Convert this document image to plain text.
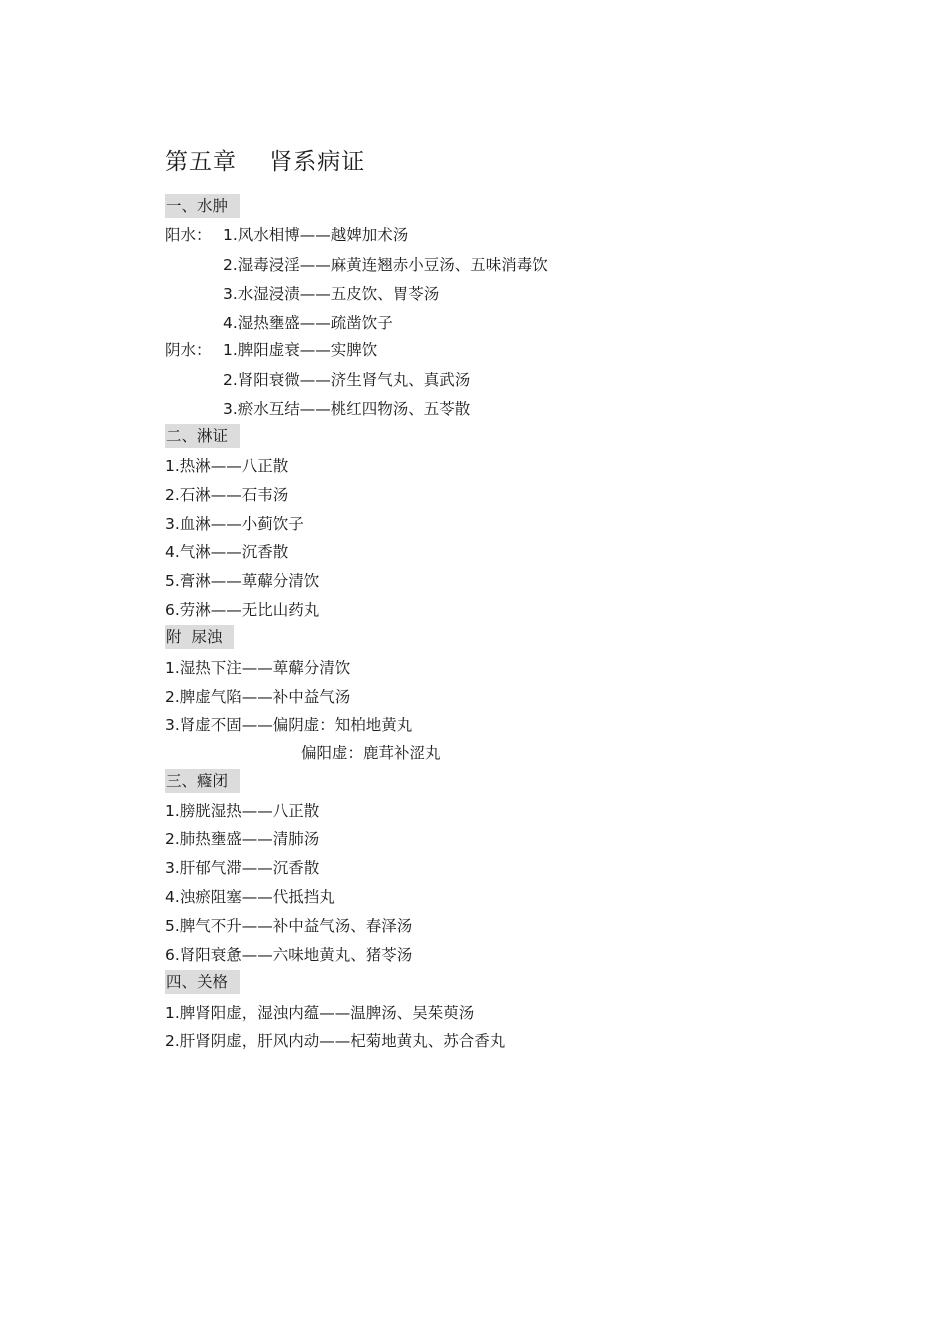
第五章　 肾系病证
一、水肿
阳水： 1.风水相博——越婢加术汤
2.湿毒浸淫——麻黄连翘赤小豆汤、五味消毒饮
3.水湿浸渍——五皮饮、胃苓汤
4.湿热壅盛——疏凿饮子
阴水： 1.脾阳虚衰——实脾饮
2.肾阳衰微——济生肾气丸、真武汤
3.瘀水互结——桃红四物汤、五苓散
二、淋证
1.热淋——八正散
2.石淋——石韦汤
3.血淋——小蓟饮子
4.气淋——沉香散
5.膏淋——萆薢分清饮
6.劳淋——无比山药丸
附  尿浊
1.湿热下注——萆薢分清饮
2.脾虚气陷——补中益气汤
3.肾虚不固——偏阴虚：知柏地黄丸
偏阳虚：鹿茸补涩丸
三、癃闭
1.膀胱湿热——八正散
2.肺热壅盛——清肺汤
3.肝郁气滞——沉香散
4.浊瘀阻塞——代抵挡丸
5.脾气不升——补中益气汤、春泽汤
6.肾阳衰惫——六味地黄丸、猪苓汤
四、关格
1.脾肾阳虚，湿浊内蕴——温脾汤、吴茱萸汤
2.肝肾阴虚，肝风内动——杞菊地黄丸、苏合香丸
